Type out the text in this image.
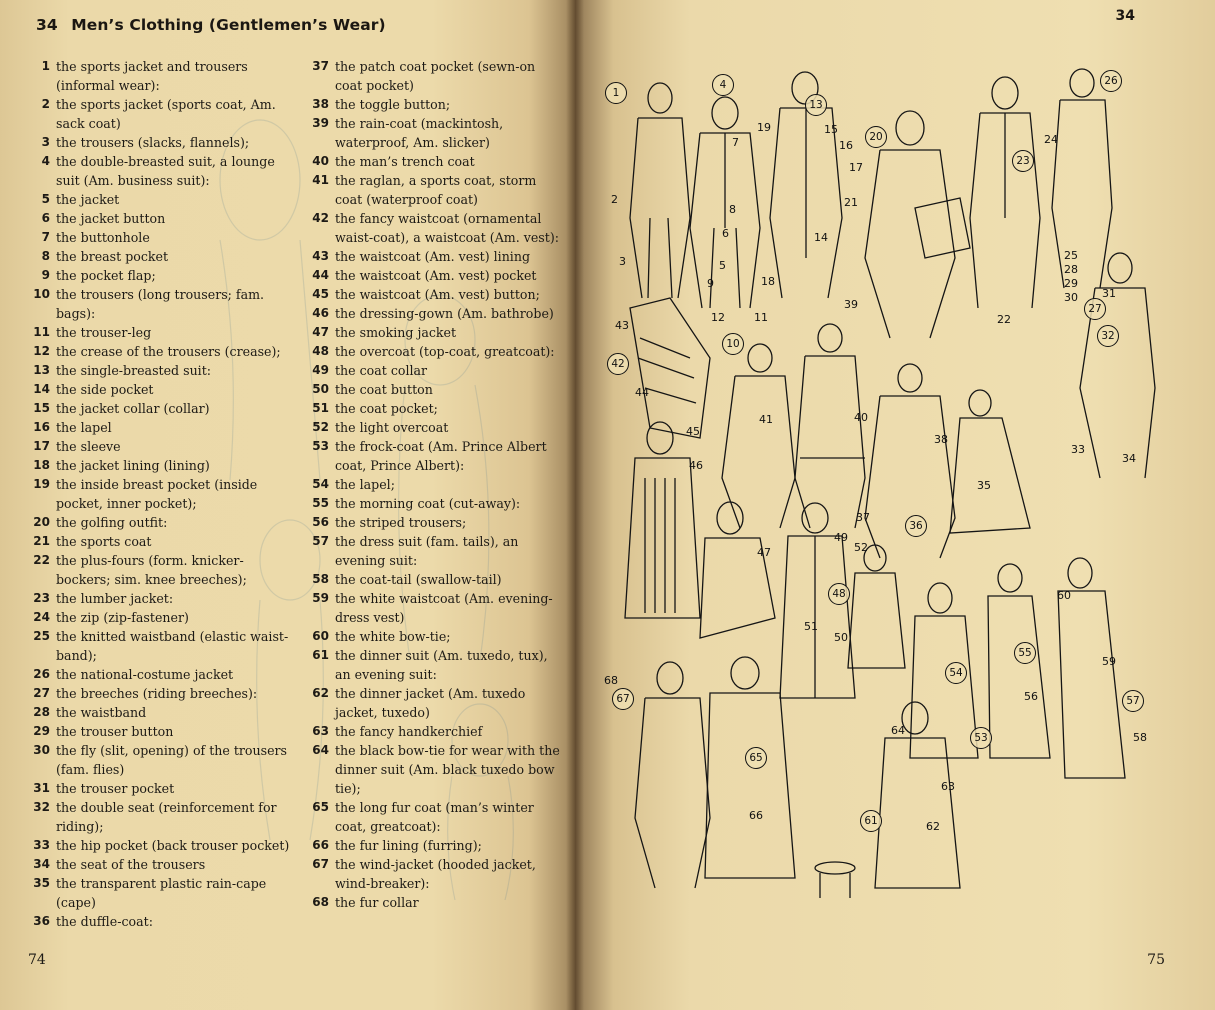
34 Men’s Clothing (Gentlemen’s Wear)
1 the sports jacket and trousers (informal wear):
2 the sports jacket (sports coat, Am. sack coat)
3 the trousers (slacks, flannels);
4 the double-breasted suit, a lounge suit (Am. business suit):
5 the jacket
6 the jacket button
7 the buttonhole
8 the breast pocket
9 the pocket flap;
10 the trousers (long trousers; fam. bags):
11 the trouser-leg
12 the crease of the trousers (crease);
13 the single-breasted suit:
14 the side pocket
15 the jacket collar (collar)
16 the lapel
17 the sleeve
18 the jacket lining (lining)
19 the inside breast pocket (inside pocket, inner pocket);
20 the golfing outfit:
21 the sports coat
22 the plus-fours (form. knicker-bockers; sim. knee breeches);
23 the lumber jacket:
24 the zip (zip-fastener)
25 the knitted waistband (elastic waist-band);
26 the national-costume jacket
27 the breeches (riding breeches):
28 the waistband
29 the trouser button
30 the fly (slit, opening) of the trousers (fam. flies)
31 the trouser pocket
32 the double seat (reinforcement for riding);
33 the hip pocket (back trouser pocket)
34 the seat of the trousers
35 the transparent plastic rain-cape (cape)
36 the duffle-coat:
37 the patch coat pocket (sewn-on coat pocket)
38 the toggle button;
39 the rain-coat (mackintosh, waterproof, Am. slicker)
40 the man’s trench coat
41 the raglan, a sports coat, storm coat (waterproof coat)
42 the fancy waistcoat (ornamental waist-coat), a waistcoat (Am. vest):
43 the waistcoat (Am. vest) lining
44 the waistcoat (Am. vest) pocket
45 the waistcoat (Am. vest) button;
46 the dressing-gown (Am. bathrobe)
47 the smoking jacket
48 the overcoat (top-coat, greatcoat):
49 the coat collar
50 the coat button
51 the coat pocket;
52 the light overcoat
53 the frock-coat (Am. Prince Albert coat, Prince Albert):
54 the lapel;
55 the morning coat (cut-away):
56 the striped trousers;
57 the dress suit (fam. tails), an evening suit:
58 the coat-tail (swallow-tail)
59 the white waistcoat (Am. evening-dress vest)
60 the white bow-tie;
61 the dinner suit (Am. tuxedo, tux), an evening suit:
62 the dinner jacket (Am. tuxedo jacket, tuxedo)
63 the fancy handkerchief
64 the black bow-tie for wear with the dinner suit (Am. black tuxedo bow tie);
65 the long fur coat (man’s winter coat, greatcoat):
66 the fur lining (furring);
67 the wind-jacket (hooded jacket, wind-breaker):
68 the fur collar
74
34
1
4
13
20
23
26
27
32
42
10
36
48
55
57
54
53
67
65
61
2
3
7
8
6
5
9
12	11
19	15
16
17
18
14
21
22
24
25
28
29
30 31
33
34
35
37
38
39
40
41
43
44
45
46
47
49
50
51
52
56
58
59
60
62
63
64
66
68
75
